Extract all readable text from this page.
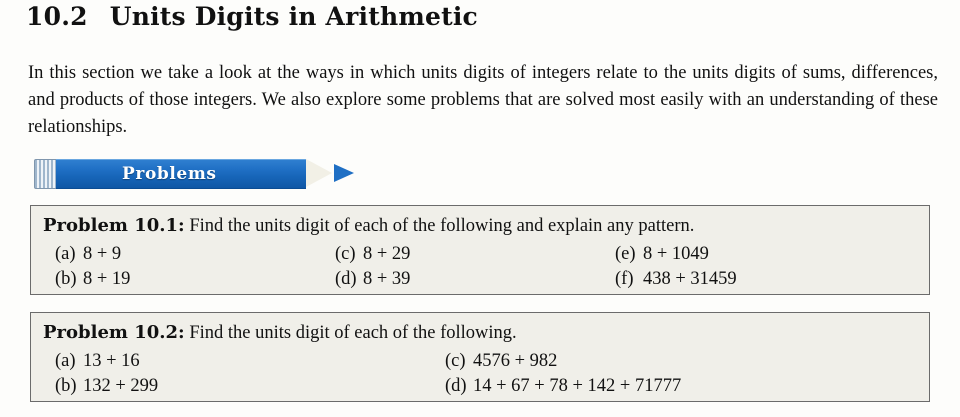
10.2 Units Digits in Arithmetic
In this section we take a look at the ways in which units digits of integers relate to the units digits of sums, differences, and products of those integers. We also explore some problems that are solved most easily with an understanding of these relationships.
Problems
Problem 10.1: Find the units digit of each of the following and explain any pattern.
(a) 8 + 9	(c) 8 + 29	(e) 8 + 1049
(b) 8 + 19	(d) 8 + 39	(f) 438 + 31459
Problem 10.2: Find the units digit of each of the following.
(a) 13 + 16	(c) 4576 + 982
(b) 132 + 299	(d) 14 + 67 + 78 + 142 + 71777
